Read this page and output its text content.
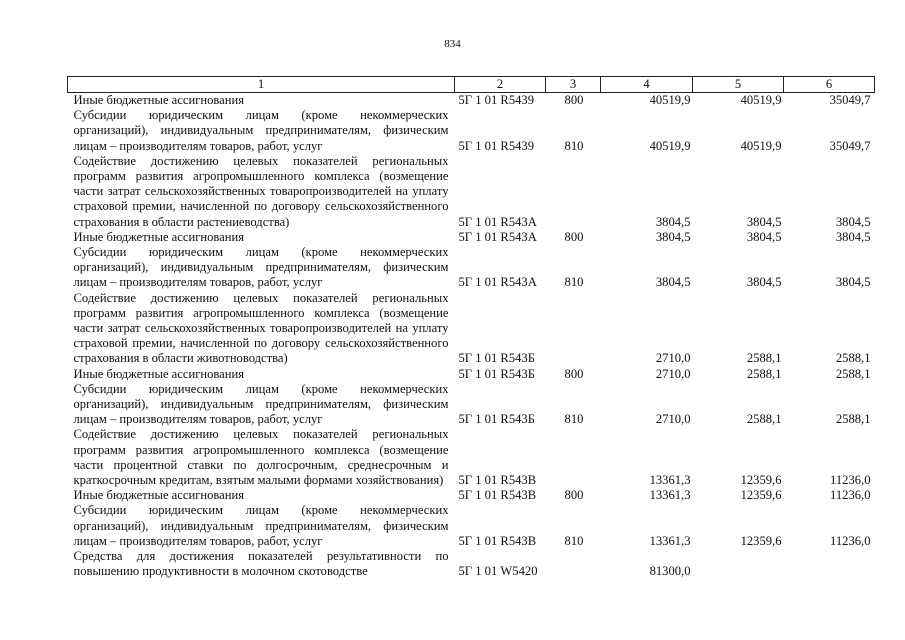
834
1	2	3	4	5	6
Иные бюджетные ассигнования	5Г 1 01 R5439	800	40519,9	40519,9	35049,7
Субсидии юридическим лицам (кроме некоммерческих организаций), индивидуальным предпринимателям, физическим лицам – производителям товаров, работ, услуг	5Г 1 01 R5439	810	40519,9	40519,9	35049,7
Содействие достижению целевых показателей региональных программ развития агропромышленного комплекса (возмещение части затрат сельскохозяйственных товаропроизводителей на уплату страховой премии, начисленной по договору сельскохозяйственного страхования в области растениеводства)	5Г 1 01 R543А		3804,5	3804,5	3804,5
Иные бюджетные ассигнования	5Г 1 01 R543А	800	3804,5	3804,5	3804,5
Субсидии юридическим лицам (кроме некоммерческих организаций), индивидуальным предпринимателям, физическим лицам – производителям товаров, работ, услуг	5Г 1 01 R543А	810	3804,5	3804,5	3804,5
Содействие достижению целевых показателей региональных программ развития агропромышленного комплекса (возмещение части затрат сельскохозяйственных товаропроизводителей на уплату страховой премии, начисленной по договору сельскохозяйственного страхования в области животноводства)	5Г 1 01 R543Б		2710,0	2588,1	2588,1
Иные бюджетные ассигнования	5Г 1 01 R543Б	800	2710,0	2588,1	2588,1
Субсидии юридическим лицам (кроме некоммерческих организаций), индивидуальным предпринимателям, физическим лицам – производителям товаров, работ, услуг	5Г 1 01 R543Б	810	2710,0	2588,1	2588,1
Содействие достижению целевых показателей региональных программ развития агропромышленного комплекса (возмещение части процентной ставки по долгосрочным, среднесрочным и краткосрочным кредитам, взятым малыми формами хозяйствования)	5Г 1 01 R543В		13361,3	12359,6	11236,0
Иные бюджетные ассигнования	5Г 1 01 R543В	800	13361,3	12359,6	11236,0
Субсидии юридическим лицам (кроме некоммерческих организаций), индивидуальным предпринимателям, физическим лицам – производителям товаров, работ, услуг	5Г 1 01 R543В	810	13361,3	12359,6	11236,0
Средства для достижения показателей результативности по повышению продуктивности в молочном скотоводстве	5Г 1 01 W5420		81300,0		
